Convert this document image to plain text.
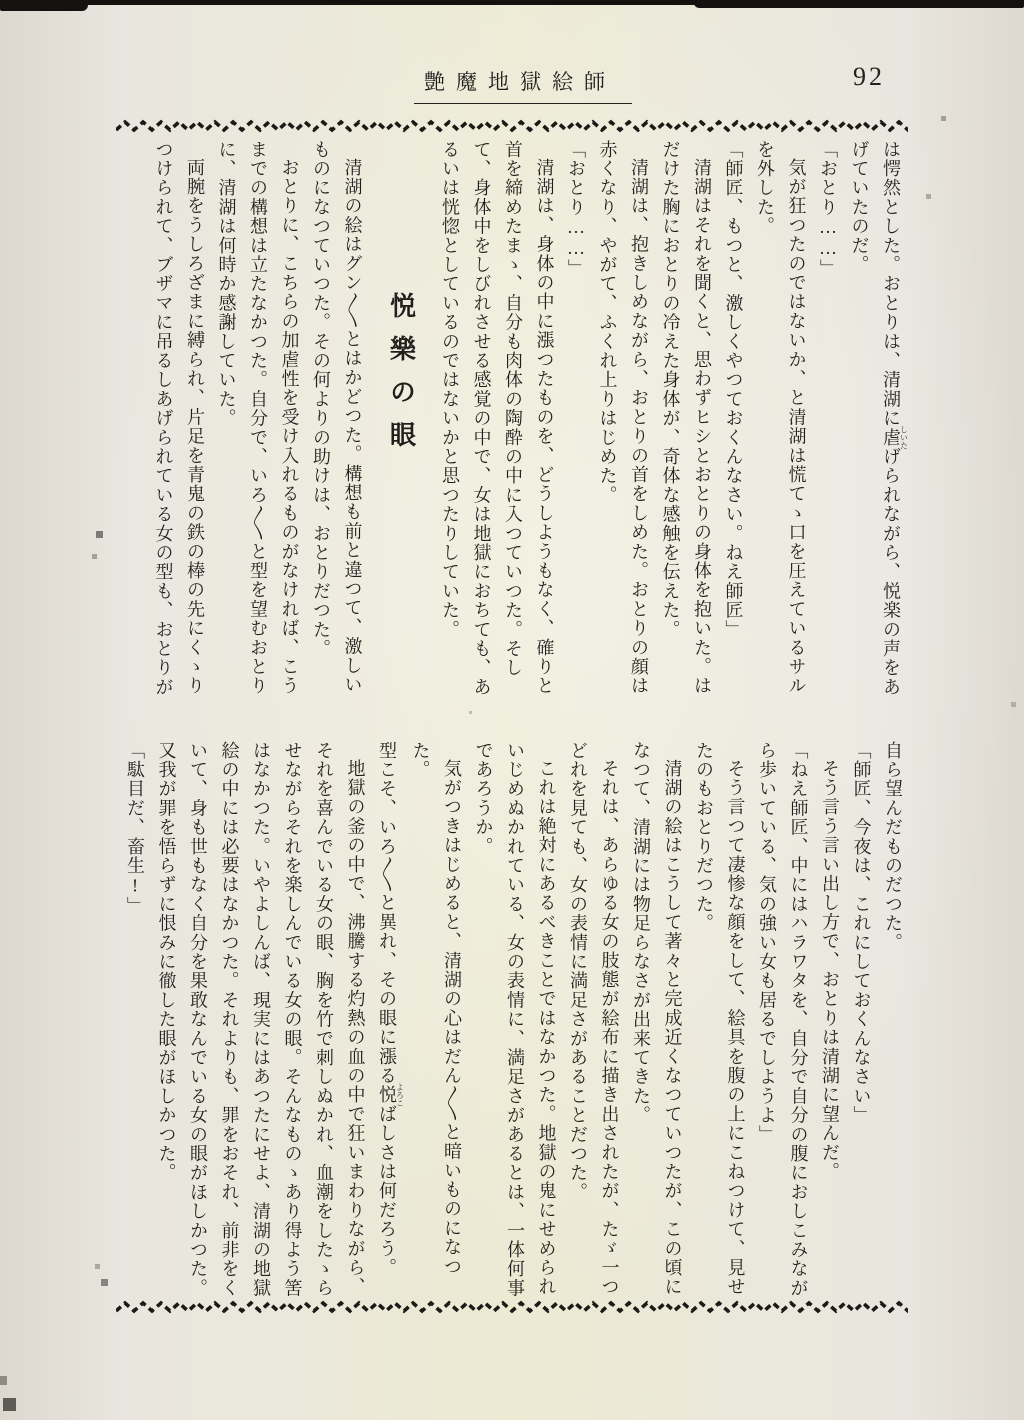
艶魔地獄絵師	92

は愕然とした。おとりは、清湖に虐しいたげられながら、悦楽の声をあげていたのだ。

「おとり……」

気が狂つたのではないか、と清湖は慌てゝ口を圧えているサルを外した。

「師匠、もつと、激しくやつておくんなさい。ねえ師匠」

清湖はそれを聞くと、思わずヒシとおとりの身体を抱いた。はだけた胸におとりの冷えた身体が、奇体な感触を伝えた。

清湖は、抱きしめながら、おとりの首をしめた。おとりの顔は赤くなり、やがて、ふくれ上りはじめた。

「おとり……」

清湖は、身体の中に漲つたものを、どうしようもなく、確りと首を締めたまゝ、自分も肉体の陶酔の中に入つていつた。そして、身体中をしびれさせる感覚の中で、女は地獄におちても、あるいは恍惚としているのではないかと思つたりしていた。

悦樂の眼

清湖の絵はグン〱とはかどつた。構想も前と違つて、激しいものになつていつた。その何よりの助けは、おとりだつた。

おとりに、こちらの加虐性を受け入れるものがなければ、こうまでの構想は立たなかつた。自分で、いろ〱と型を望むおとりに、清湖は何時か感謝していた。

両腕をうしろざまに縛られ、片足を青鬼の鉄の棒の先にくゝりつけられて、ブザマに吊るしあげられている女の型も、おとりが

自ら望んだものだつた。

「師匠、今夜は、これにしておくんなさい」

そう言う言い出し方で、おとりは清湖に望んだ。

「ねえ師匠、中にはハラワタを、自分で自分の腹におしこみながら歩いている、気の強い女も居るでしようよ」

そう言つて凄惨な顔をして、絵具を腹の上にこねつけて、見せたのもおとりだつた。

清湖の絵はこうして著々と完成近くなつていつたが、この頃になつて、清湖には物足らなさが出来てきた。

それは、あらゆる女の肢態が絵布に描き出されたが、たゞ一つどれを見ても、女の表情に満足さがあることだつた。

これは絶対にあるべきことではなかつた。地獄の鬼にせめられいじめぬかれている、女の表情に、満足さがあるとは、一体何事であろうか。

気がつきはじめると、清湖の心はだん〱と暗いものになつた。

型こそ、いろ〱と異れ、その眼に漲る悦よろこばしさは何だろう。

地獄の釜の中で、沸騰する灼熱の血の中で狂いまわりながら、それを喜んでいる女の眼、胸を竹で刺しぬかれ、血潮をしたゝらせながらそれを楽しんでいる女の眼。そんなものゝあり得よう筈はなかつた。いやよしんば、現実にはあつたにせよ、清湖の地獄絵の中には必要はなかつた。それよりも、罪をおそれ、前非をくいて、身も世もなく自分を果敢なんでいる女の眼がほしかつた。又我が罪を悟らずに恨みに徹した眼がほしかつた。

「駄目だ、畜生!」
